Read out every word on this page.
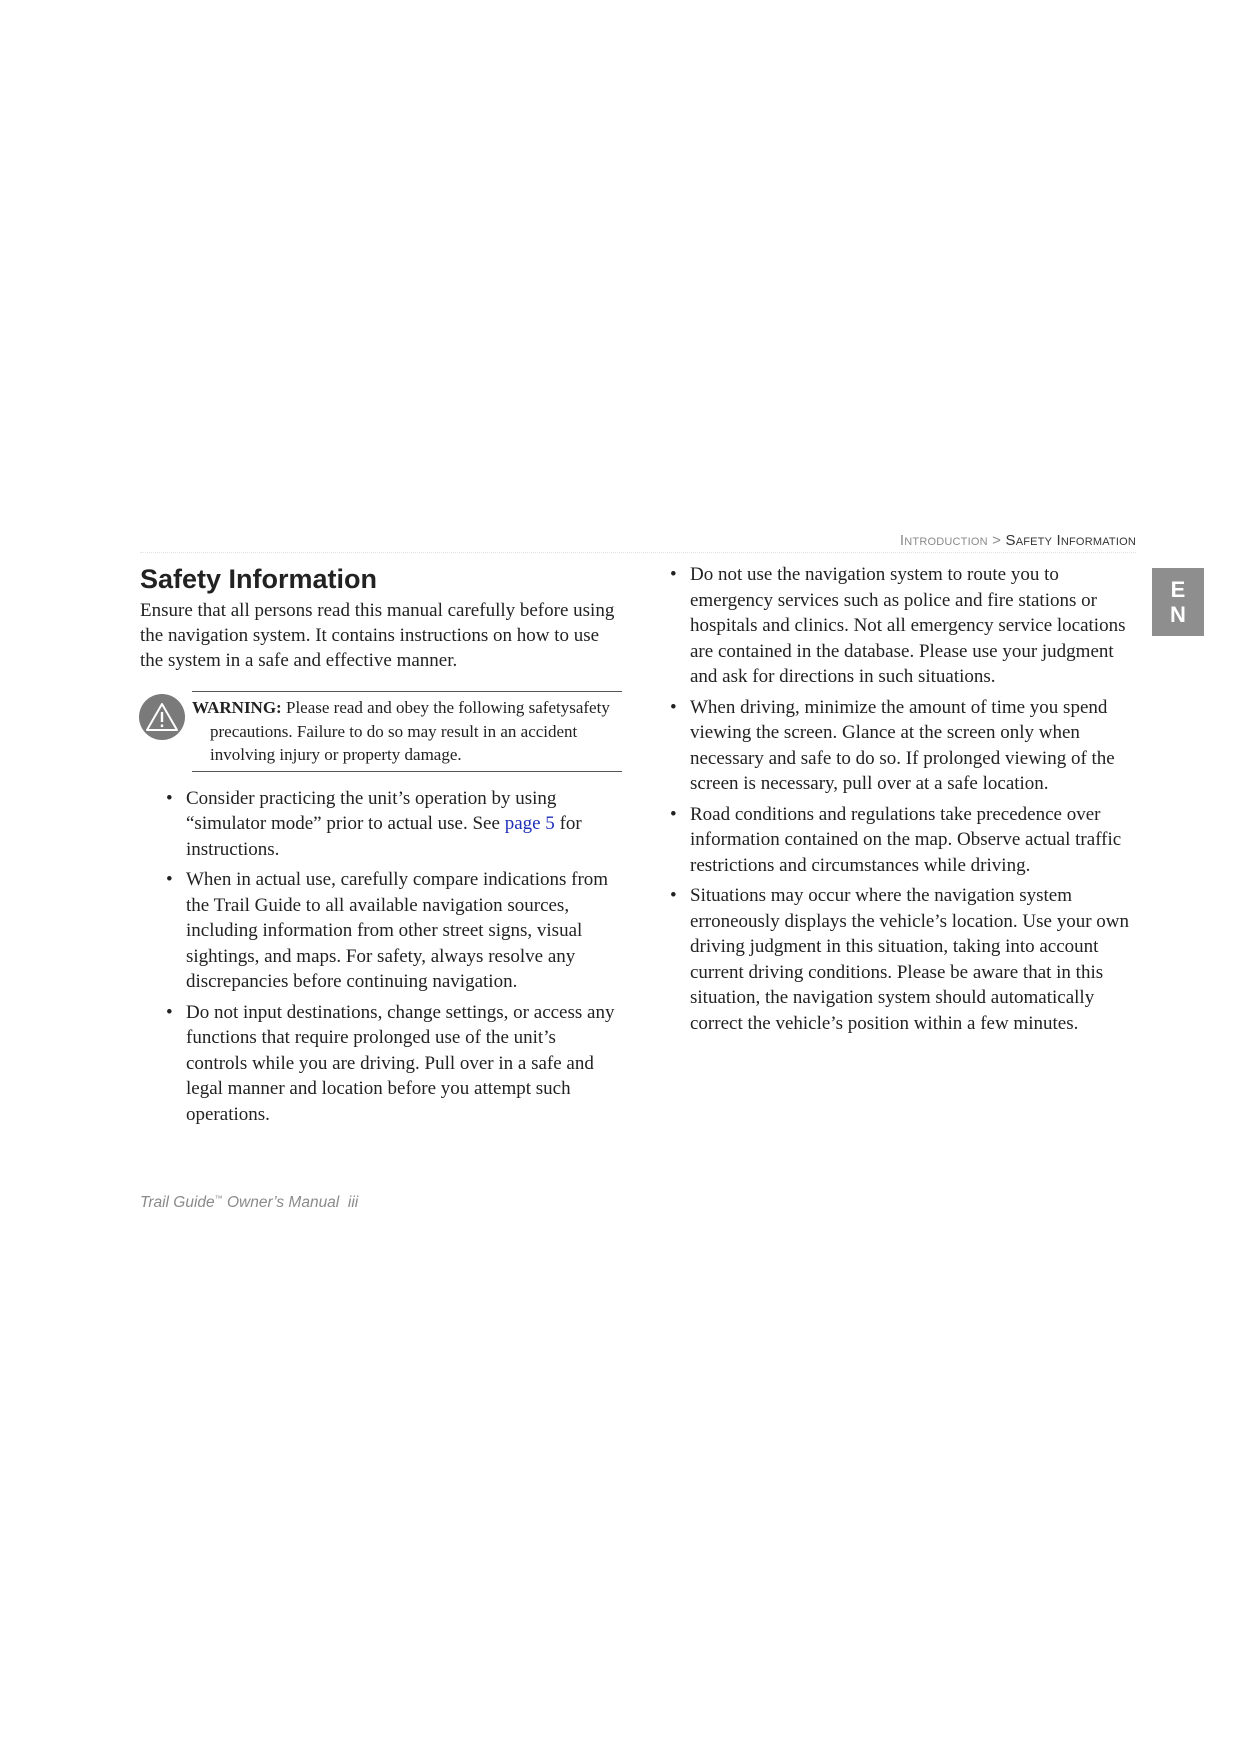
Introduction > Safety Information
E
N
Safety Information

Ensure that all persons read this manual carefully before using the navigation system. It contains instructions on how to use the system in a safe and effective manner.

WARNING: Please read and obey the following safetysafety
precautions. Failure to do so may result in an accident
involving injury or property damage.
• Consider practicing the unit’s operation by using “simulator mode” prior to actual use. See page 5 for instructions.
• When in actual use, carefully compare indications from the Trail Guide to all available navigation sources, including information from other street signs, visual sightings, and maps. For safety, always resolve any discrepancies before continuing navigation.
• Do not input destinations, change settings, or access any functions that require prolonged use of the unit’s controls while you are driving. Pull over in a safe and legal manner and location before you attempt such operations.
• Do not use the navigation system to route you to emergency services such as police and fire stations or hospitals and clinics. Not all emergency service locations are contained in the database. Please use your judgment and ask for directions in such situations.
• When driving, minimize the amount of time you spend viewing the screen. Glance at the screen only when necessary and safe to do so. If prolonged viewing of the screen is necessary, pull over at a safe location.
• Road conditions and regulations take precedence over information contained on the map. Observe actual traffic restrictions and circumstances while driving.
• Situations may occur where the navigation system erroneously displays the vehicle’s location. Use your own driving judgment in this situation, taking into account current driving conditions. Please be aware that in this situation, the navigation system should automatically correct the vehicle’s position within a few minutes.
Trail Guide™ Owner’s Manual iii
